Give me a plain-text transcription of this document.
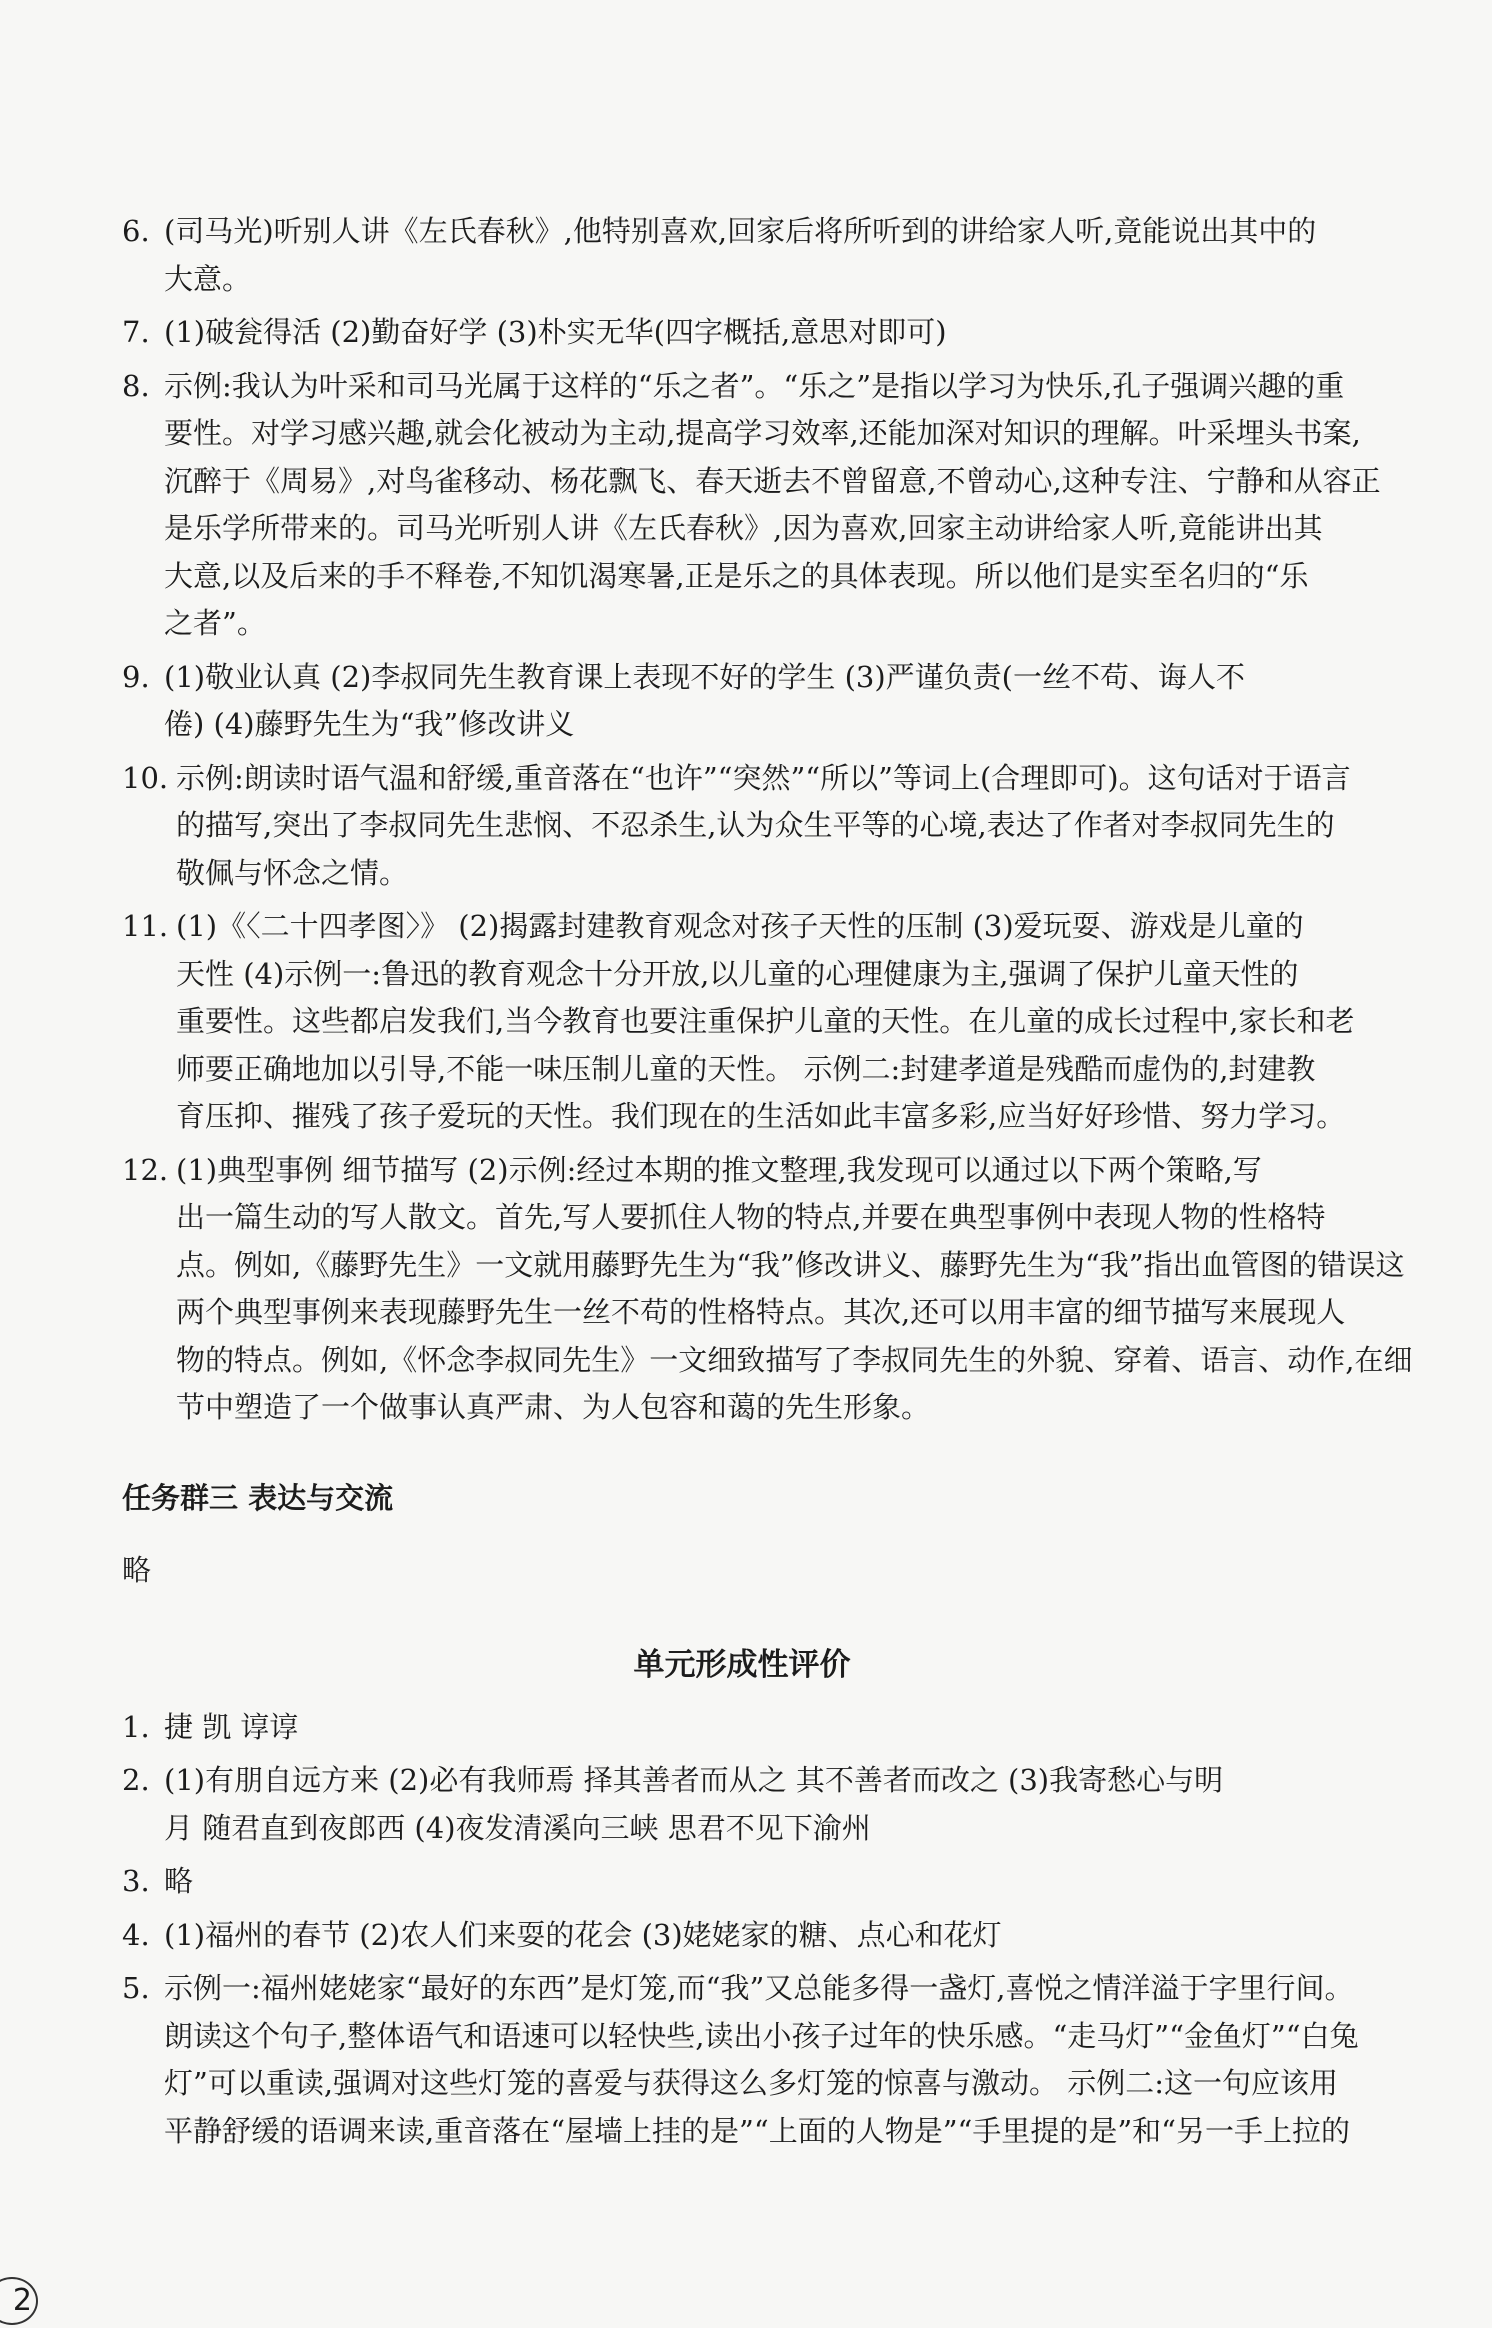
6. (司马光)听别人讲《左氏春秋》,他特别喜欢,回家后将所听到的讲给家人听,竟能说出其中的
大意。
7. (1)破瓮得活 (2)勤奋好学 (3)朴实无华(四字概括,意思对即可)
8. 示例:我认为叶采和司马光属于这样的“乐之者”。“乐之”是指以学习为快乐,孔子强调兴趣的重
要性。对学习感兴趣,就会化被动为主动,提高学习效率,还能加深对知识的理解。叶采埋头书案,
沉醉于《周易》,对鸟雀移动、杨花飘飞、春天逝去不曾留意,不曾动心,这种专注、宁静和从容正
是乐学所带来的。司马光听别人讲《左氏春秋》,因为喜欢,回家主动讲给家人听,竟能讲出其
大意,以及后来的手不释卷,不知饥渴寒暑,正是乐之的具体表现。所以他们是实至名归的“乐
之者”。
9. (1)敬业认真 (2)李叔同先生教育课上表现不好的学生 (3)严谨负责(一丝不苟、诲人不
倦) (4)藤野先生为“我”修改讲义
10. 示例:朗读时语气温和舒缓,重音落在“也许”“突然”“所以”等词上(合理即可)。这句话对于语言
的描写,突出了李叔同先生悲悯、不忍杀生,认为众生平等的心境,表达了作者对李叔同先生的
敬佩与怀念之情。
11. (1)《〈二十四孝图〉》 (2)揭露封建教育观念对孩子天性的压制 (3)爱玩耍、游戏是儿童的
天性 (4)示例一:鲁迅的教育观念十分开放,以儿童的心理健康为主,强调了保护儿童天性的
重要性。这些都启发我们,当今教育也要注重保护儿童的天性。在儿童的成长过程中,家长和老
师要正确地加以引导,不能一味压制儿童的天性。 示例二:封建孝道是残酷而虚伪的,封建教
育压抑、摧残了孩子爱玩的天性。我们现在的生活如此丰富多彩,应当好好珍惜、努力学习。
12. (1)典型事例 细节描写 (2)示例:经过本期的推文整理,我发现可以通过以下两个策略,写
出一篇生动的写人散文。首先,写人要抓住人物的特点,并要在典型事例中表现人物的性格特
点。例如,《藤野先生》一文就用藤野先生为“我”修改讲义、藤野先生为“我”指出血管图的错误这
两个典型事例来表现藤野先生一丝不苟的性格特点。其次,还可以用丰富的细节描写来展现人
物的特点。例如,《怀念李叔同先生》一文细致描写了李叔同先生的外貌、穿着、语言、动作,在细
节中塑造了一个做事认真严肃、为人包容和蔼的先生形象。
任务群三 表达与交流
略
单元形成性评价
1. 捷 凯 谆谆
2. (1)有朋自远方来 (2)必有我师焉 择其善者而从之 其不善者而改之 (3)我寄愁心与明
月 随君直到夜郎西 (4)夜发清溪向三峡 思君不见下渝州
3. 略
4. (1)福州的春节 (2)农人们来耍的花会 (3)姥姥家的糖、点心和花灯
5. 示例一:福州姥姥家“最好的东西”是灯笼,而“我”又总能多得一盏灯,喜悦之情洋溢于字里行间。
朗读这个句子,整体语气和语速可以轻快些,读出小孩子过年的快乐感。“走马灯”“金鱼灯”“白兔
灯”可以重读,强调对这些灯笼的喜爱与获得这么多灯笼的惊喜与激动。 示例二:这一句应该用
平静舒缓的语调来读,重音落在“屋墙上挂的是”“上面的人物是”“手里提的是”和“另一手上拉的
2
